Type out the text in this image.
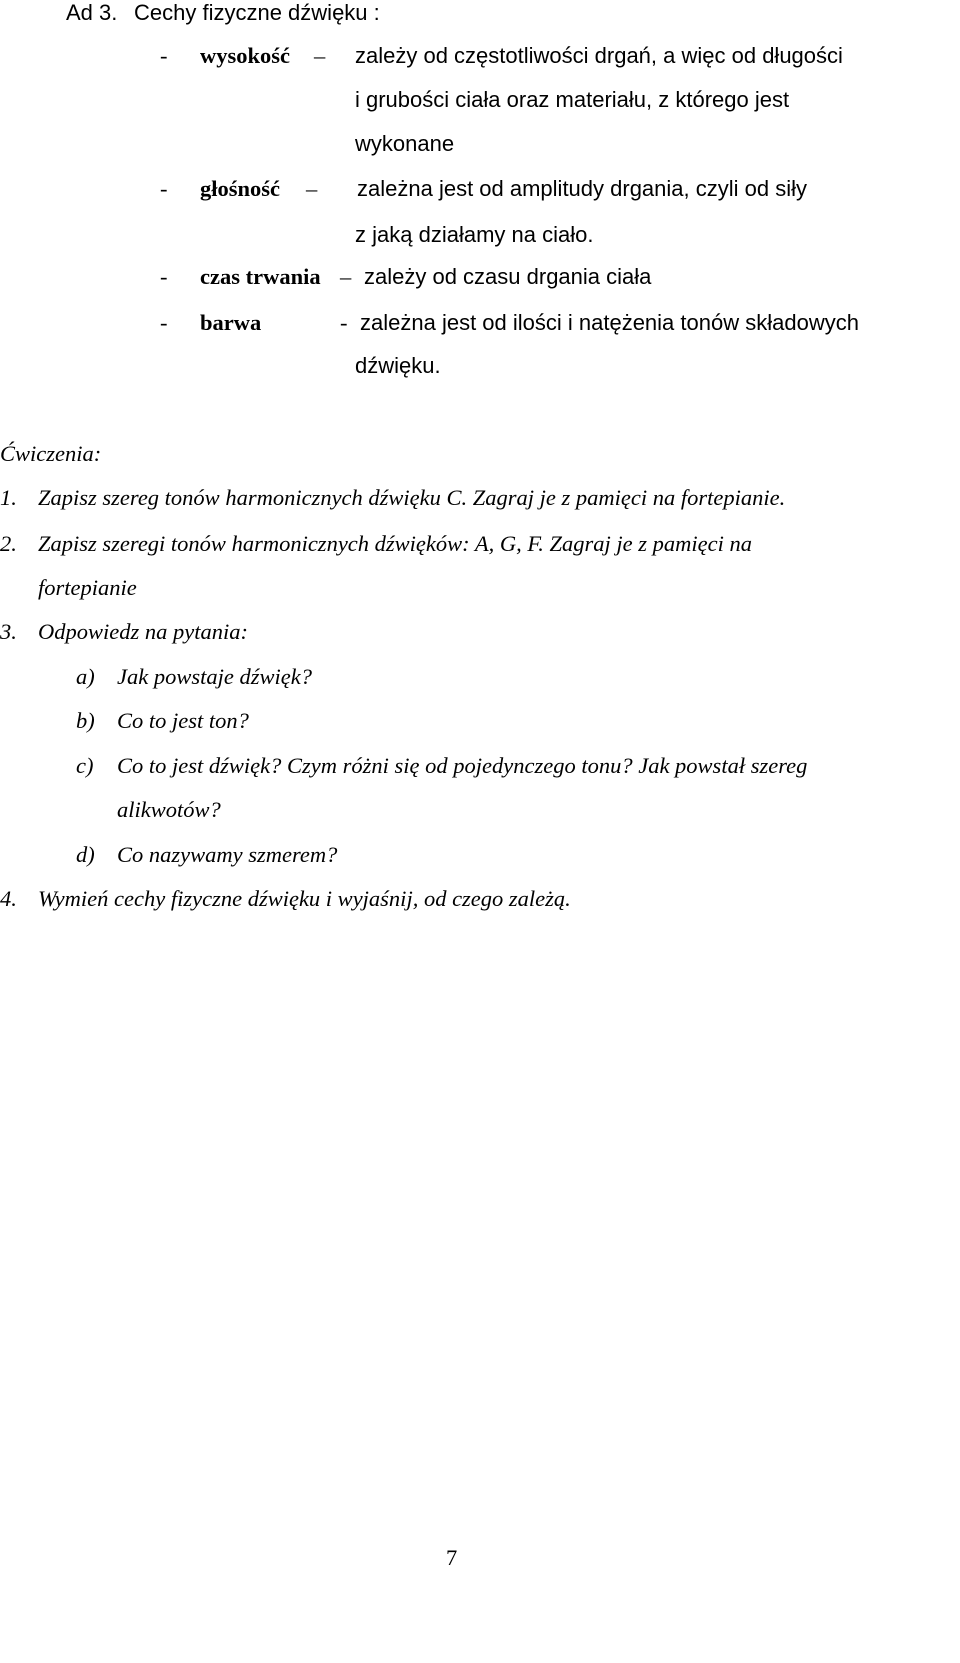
Ad 3. Cechy fizyczne dźwięku :
- wysokość – zależy od częstotliwości drgań, a więc od długości
i grubości ciała oraz materiału, z którego jest
wykonane
- głośność – zależna jest od amplitudy drgania, czyli od siły
z jaką działamy na ciało.
- czas trwania – zależy od czasu drgania ciała
- barwa	- zależna jest od ilości i natężenia tonów składowych
dźwięku.
Ćwiczenia:
1. Zapisz szereg tonów harmonicznych dźwięku C. Zagraj je z pamięci na fortepianie.
2. Zapisz szeregi tonów harmonicznych dźwięków: A, G, F. Zagraj je z pamięci na
fortepianie
3. Odpowiedz na pytania:
a) Jak powstaje dźwięk?
b) Co to jest ton?
c) Co to jest dźwięk? Czym różni się od pojedynczego tonu? Jak powstał szereg
alikwotów?
d) Co nazywamy szmerem?
4. Wymień cechy fizyczne dźwięku i wyjaśnij, od czego zależą.
7
